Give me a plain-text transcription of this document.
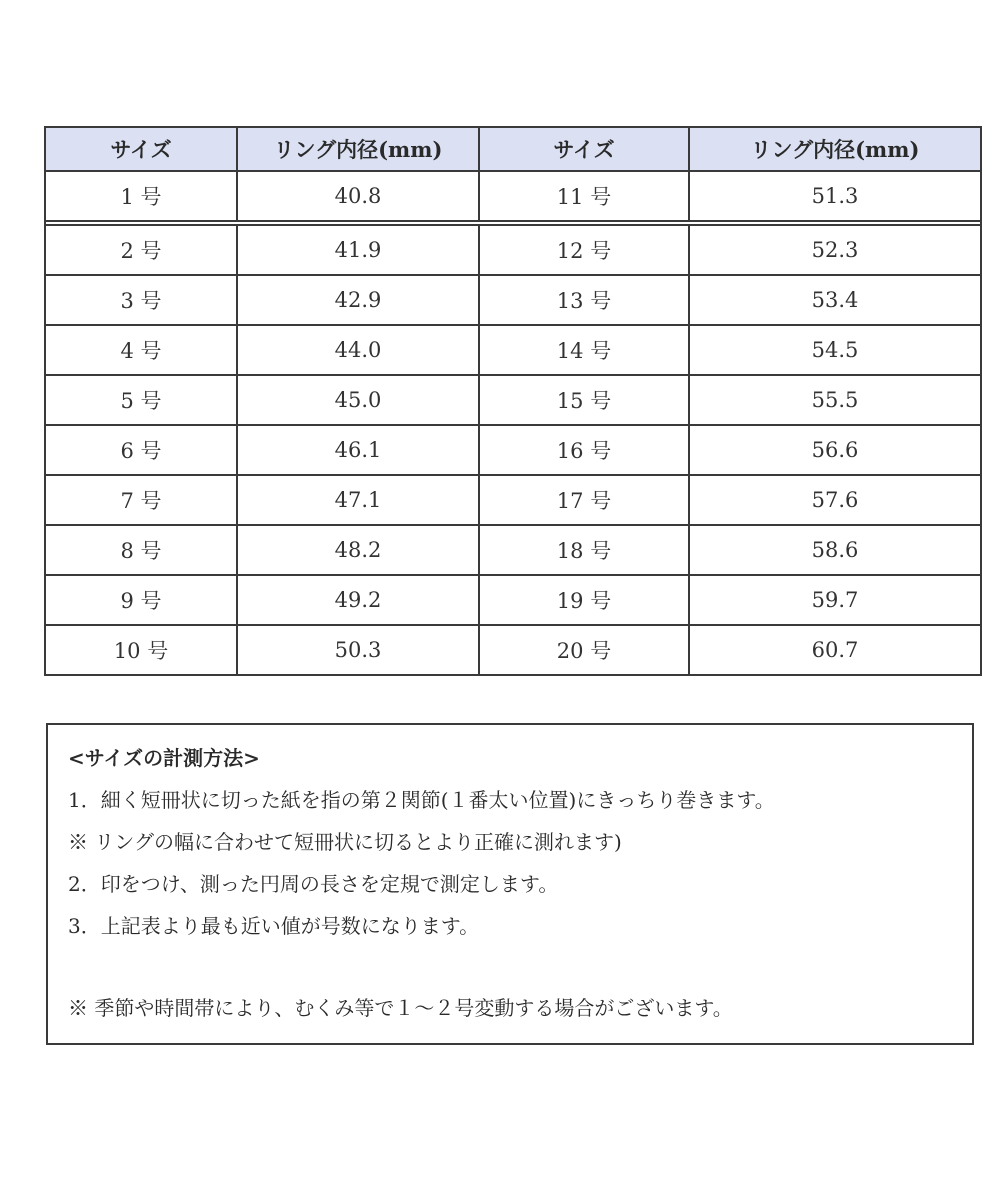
サイズ	リング内径(mm)	サイズ	リング内径(mm)
1 号	40.8	11 号	51.3

2 号	41.9	12 号	52.3
3 号	42.9	13 号	53.4
4 号	44.0	14 号	54.5
5 号	45.0	15 号	55.5
6 号	46.1	16 号	56.6
7 号	47.1	17 号	57.6
8 号	48.2	18 号	58.6
9 号	49.2	19 号	59.7
10 号	50.3	20 号	60.7
<サイズの計測方法>
1．細く短冊状に切った紙を指の第２関節(１番太い位置)にきっちり巻きます。
※ リングの幅に合わせて短冊状に切るとより正確に測れます)
2．印をつけ、測った円周の長さを定規で測定します。
3．上記表より最も近い値が号数になります。
※ 季節や時間帯により、むくみ等で１～２号変動する場合がございます。
